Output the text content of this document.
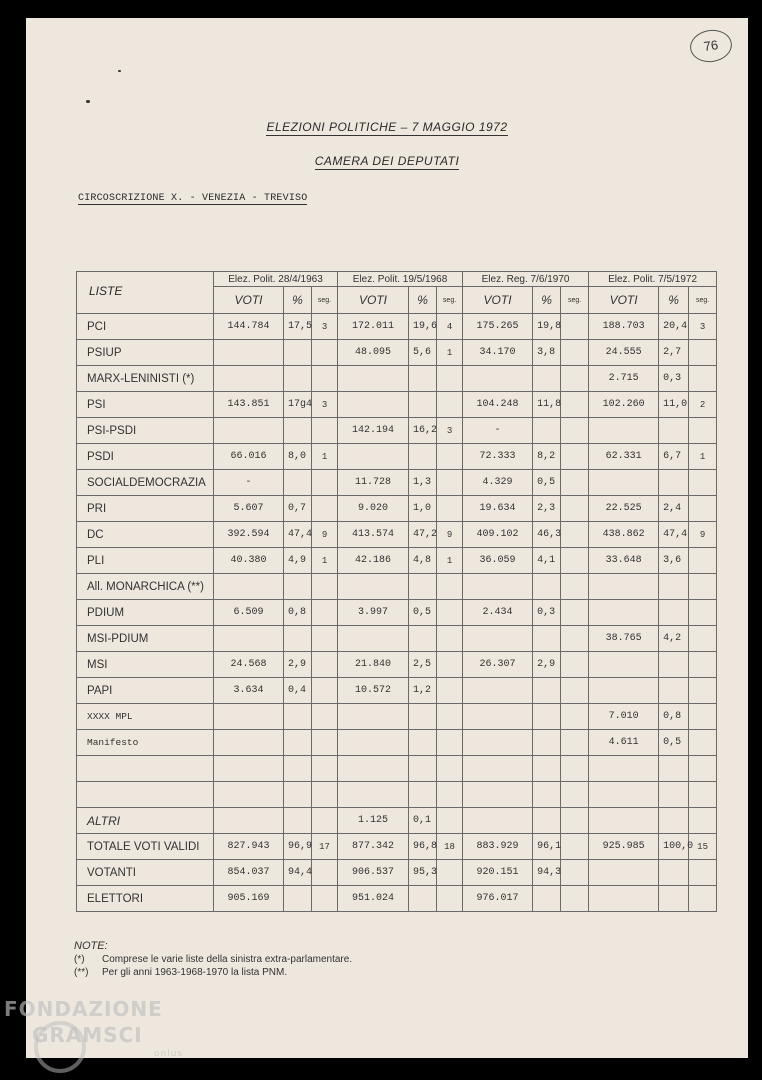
76
ELEZIONI POLITICHE – 7 MAGGIO 1972
CAMERA DEI DEPUTATI
CIRCOSCRIZIONE X. - VENEZIA - TREVISO
LISTE	Elez. Polit. 28/4/1963			Elez. Polit. 19/5/1968			Elez. Reg. 7/6/1970			Elez. Polit. 7/5/1972		
	VOTI	%	seg.	VOTI	%	seg.	VOTI	%	seg.	VOTI	%	seg.
PCI	144.784	17,5	3	172.011	19,6	4	175.265	19,8		188.703	20,4	3
PSIUP				48.095	5,6	1	34.170	3,8		24.555	2,7	
MARX-LENINISTI (*)										2.715	0,3	
PSI	143.851	17g4	3				104.248	11,8		102.260	11,0	2
PSI-PSDI				142.194	16,2	3	-					
PSDI	66.016	8,0	1				72.333	8,2		62.331	6,7	1
SOCIALDEMOCRAZIA	-			11.728	1,3		4.329	0,5				
PRI	5.607	0,7		9.020	1,0		19.634	2,3		22.525	2,4	
DC	392.594	47,4	9	413.574	47,2	9	409.102	46,3		438.862	47,4	9
PLI	40.380	4,9	1	42.186	4,8	1	36.059	4,1		33.648	3,6	
All. MONARCHICA (**)												
PDIUM	6.509	0,8		3.997	0,5		2.434	0,3				
MSI-PDIUM										38.765	4,2	
MSI	24.568	2,9		21.840	2,5		26.307	2,9				
PAPI	3.634	0,4		10.572	1,2							
XXXX MPL										7.010	0,8	
Manifesto										4.611	0,5	

ALTRI				1.125	0,1							
TOTALE VOTI VALIDI	827.943	96,9	17	877.342	96,8	18	883.929	96,1		925.985	100,0	15
VOTANTI	854.037	94,4		906.537	95,3		920.151	94,3				
ELETTORI	905.169			951.024			976.017					
NOTE:
(*) Comprese le varie liste della sinistra extra-parlamentare.
(**) Per gli anni 1963-1968-1970 la lista PNM.
FONDAZIONE
GRAMSCI
onlus
